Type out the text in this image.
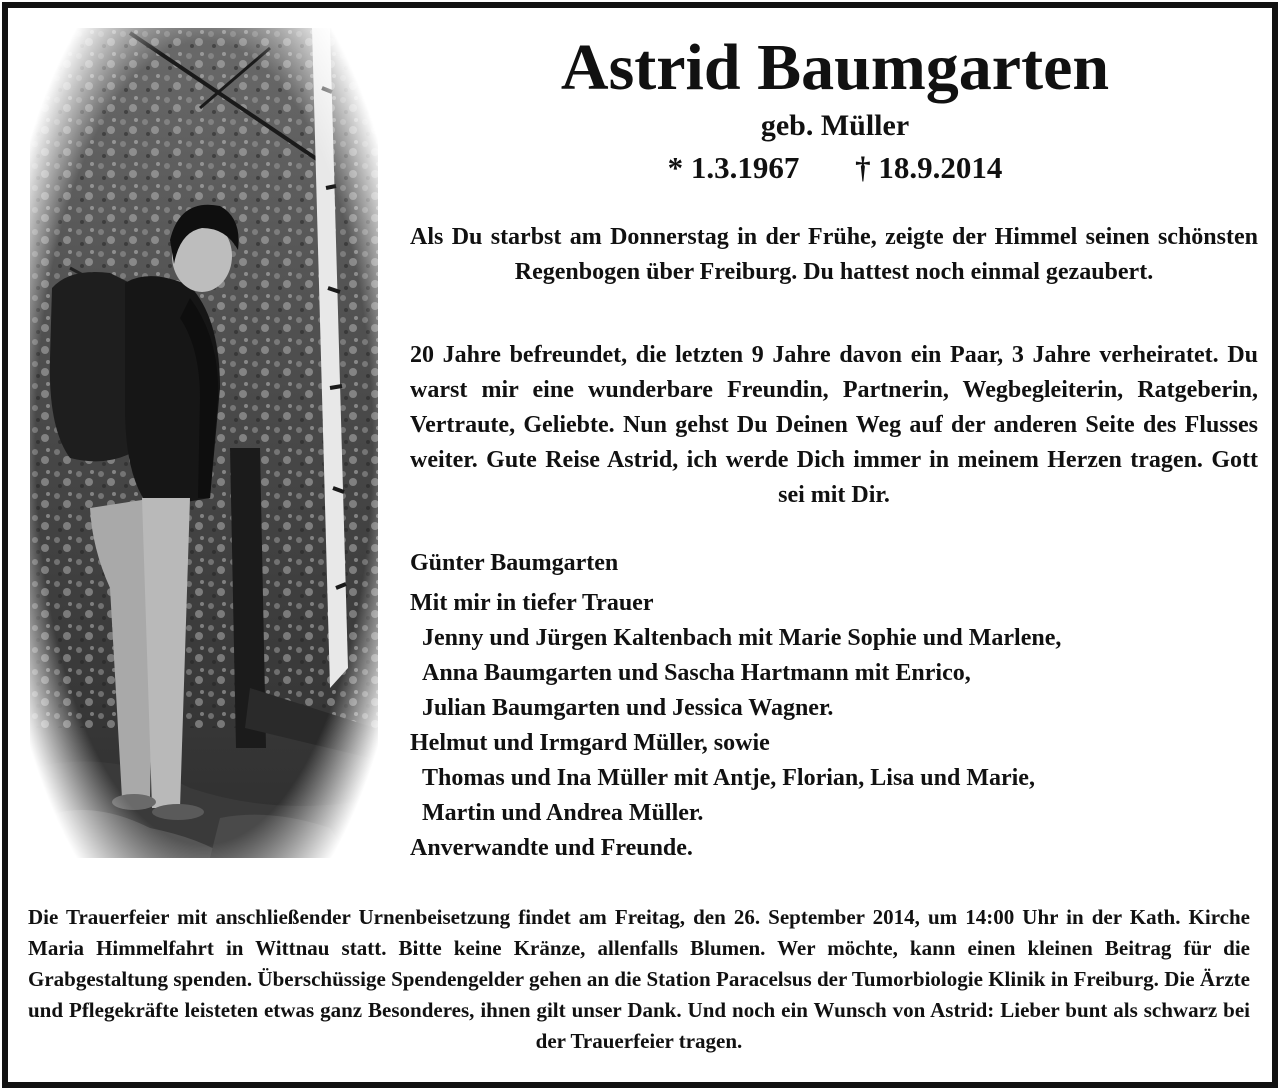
Astrid Baumgarten
geb. Müller
* 1.3.1967 † 18.9.2014
Als Du starbst am Donnerstag in der Frühe, zeigte der Himmel seinen schönsten Regenbogen über Freiburg. Du hattest noch einmal gezaubert.
20 Jahre befreundet, die letzten 9 Jahre davon ein Paar, 3 Jahre verheiratet. Du warst mir eine wunderbare Freundin, Partnerin, Wegbegleiterin, Ratgeberin, Vertraute, Geliebte. Nun gehst Du Deinen Weg auf der anderen Seite des Flusses weiter. Gute Reise Astrid, ich werde Dich immer in meinem Herzen tragen. Gott sei mit Dir.
Günter Baumgarten
Mit mir in tiefer Trauer
Jenny und Jürgen Kaltenbach mit Marie Sophie und Marlene,
Anna Baumgarten und Sascha Hartmann mit Enrico,
Julian Baumgarten und Jessica Wagner.
Helmut und Irmgard Müller, sowie
Thomas und Ina Müller mit Antje, Florian, Lisa und Marie,
Martin und Andrea Müller.
Anverwandte und Freunde.
Die Trauerfeier mit anschließender Urnenbeisetzung findet am Freitag, den 26. September 2014, um 14:00 Uhr in der Kath. Kirche Maria Himmelfahrt in Wittnau statt. Bitte keine Kränze, allenfalls Blumen. Wer möchte, kann einen kleinen Beitrag für die Grabgestaltung spenden. Überschüssige Spendengelder gehen an die Station Paracelsus der Tumorbiologie Klinik in Freiburg. Die Ärzte und Pflegekräfte leisteten etwas ganz Besonderes, ihnen gilt unser Dank. Und noch ein Wunsch von Astrid: Lieber bunt als schwarz bei der Trauerfeier tragen.
